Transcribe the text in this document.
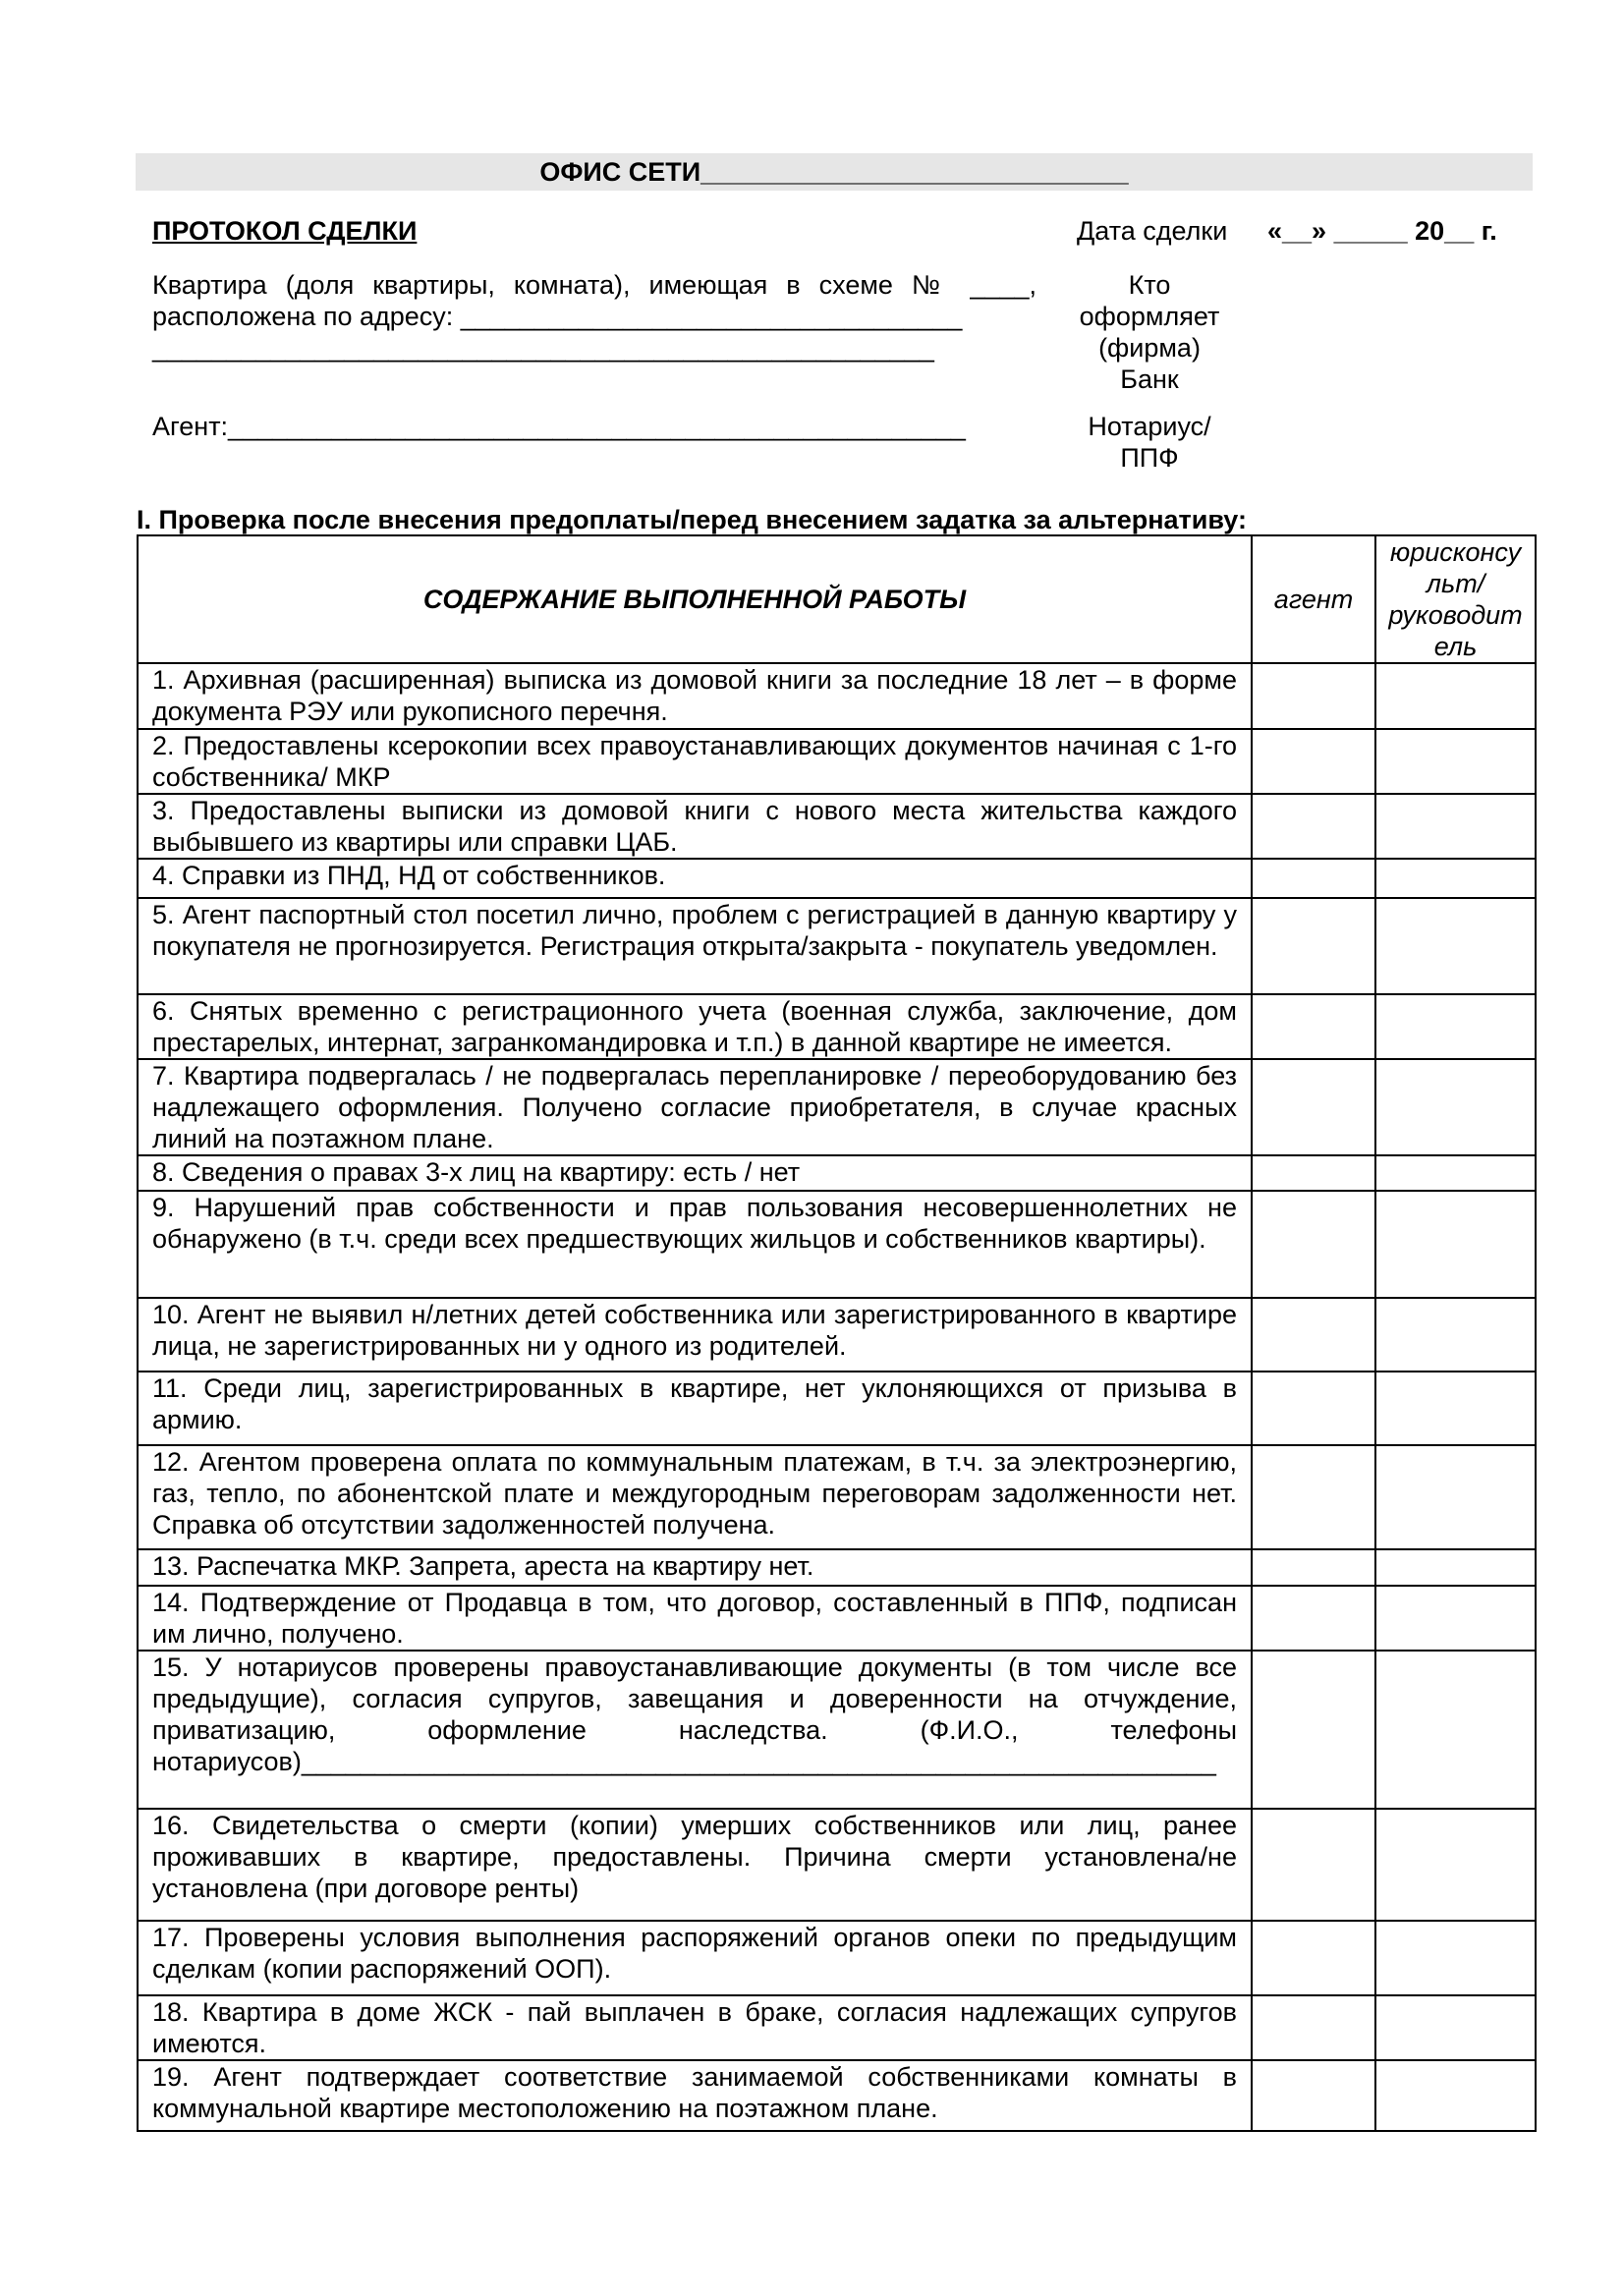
ОФИС СЕТИ_____________________________
ПРОТОКОЛ СДЕЛКИ	Дата сделки «__» _____ 20__ г.
Квартира (доля квартиры, комната), имеющая в схеме № ____, расположена по адресу: __________________________________
_____________________________________________________
Кто оформляет (фирма)
Банк
Агент:__________________________________________________	Нотариус/ ППФ
I. Проверка после внесения предоплаты/перед внесением задатка за альтернативу:
СОДЕРЖАНИЕ ВЫПОЛНЕННОЙ РАБОТЫ	агент	юрисконсу льт/ руководит ель
1. Архивная (расширенная) выписка из домовой книги за последние 18 лет – в форме документа РЭУ или рукописного перечня.		
2. Предоставлены ксерокопии всех правоустанавливающих документов начиная с 1-го собственника/ МКР		
3. Предоставлены выписки из домовой книги с нового места жительства каждого выбывшего из квартиры или справки ЦАБ.		
4. Справки из ПНД, НД от собственников.		
5. Агент паспортный стол посетил лично, проблем с регистрацией в данную квартиру у покупателя не прогнозируется. Регистрация открыта/закрыта - покупатель уведомлен.		
6. Снятых временно с регистрационного учета (военная служба, заключение, дом престарелых, интернат, загранкомандировка и т.п.) в данной квартире не имеется.		
7. Квартира подвергалась / не подвергалась перепланировке / переоборудованию без надлежащего оформления. Получено согласие приобретателя, в случае красных линий на поэтажном плане.		
8. Сведения о правах 3-х лиц на квартиру: есть / нет		
9. Нарушений прав собственности и прав пользования несовершеннолетних не обнаружено (в т.ч. среди всех предшествующих жильцов и собственников квартиры).		
10. Агент не выявил н/летних детей собственника или зарегистрированного в квартире лица, не зарегистрированных ни у одного из родителей.		
11. Среди лиц, зарегистрированных в квартире, нет уклоняющихся от призыва в армию.		
12. Агентом проверена оплата по коммунальным платежам, в т.ч. за электроэнергию, газ, тепло, по абонентской плате и междугородным переговорам задолженности нет. Справка об отсутствии задолженностей получена.		
13. Распечатка МКР. Запрета, ареста на квартиру нет.		
14. Подтверждение от Продавца в том, что договор, составленный в ППФ, подписан им лично, получено.		
15. У нотариусов проверены правоустанавливающие документы (в том числе все предыдущие), согласия супругов, завещания и доверенности на отчуждение, приватизацию, оформление наследства. (Ф.И.О., телефоны нотариусов)______________________________________________________________		
16. Свидетельства о смерти (копии) умерших собственников или лиц, ранее проживавших в квартире, предоставлены. Причина смерти установлена/не установлена (при договоре ренты)		
17. Проверены условия выполнения распоряжений органов опеки по предыдущим сделкам (копии распоряжений ООП).		
18. Квартира в доме ЖСК - пай выплачен в браке, согласия надлежащих супругов имеются.		
19. Агент подтверждает соответствие занимаемой собственниками комнаты в коммунальной квартире местоположению на поэтажном плане.		
